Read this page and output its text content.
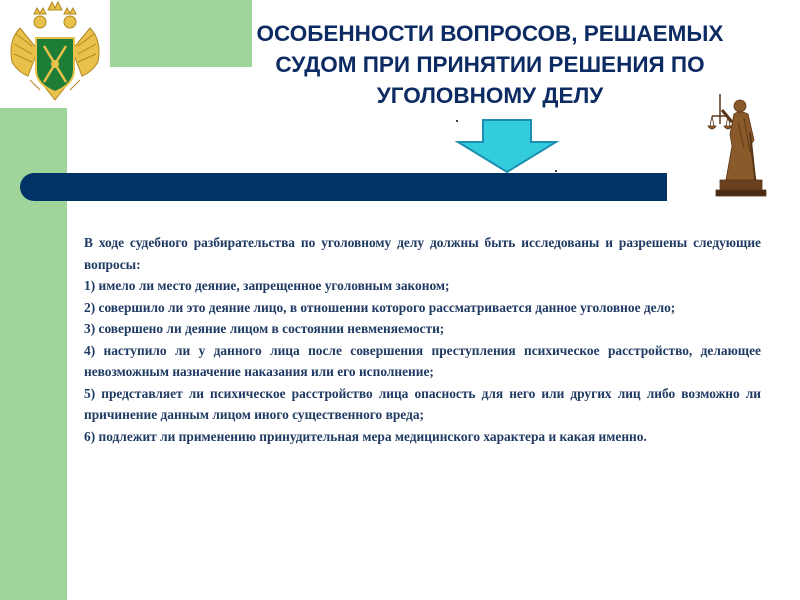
ОСОБЕННОСТИ ВОПРОСОВ, РЕШАЕМЫХ
СУДОМ ПРИ ПРИНЯТИИ РЕШЕНИЯ ПО
УГОЛОВНОМУ ДЕЛУ

В ходе судебного разбирательства по уголовному делу должны быть исследованы и разрешены следующие вопросы:

1) имело ли место деяние, запрещенное уголовным законом;

2) совершило ли это деяние лицо, в отношении которого рассматривается данное уголовное дело;

3) совершено ли деяние лицом в состоянии невменяемости;

4) наступило ли у данного лица после совершения преступления психическое расстройство, делающее невозможным назначение наказания или его исполнение;

5) представляет ли психическое расстройство лица опасность для него или других лиц либо возможно ли причинение данным лицом иного существенного вреда;

6) подлежит ли применению принудительная мера медицинского характера и какая именно.
